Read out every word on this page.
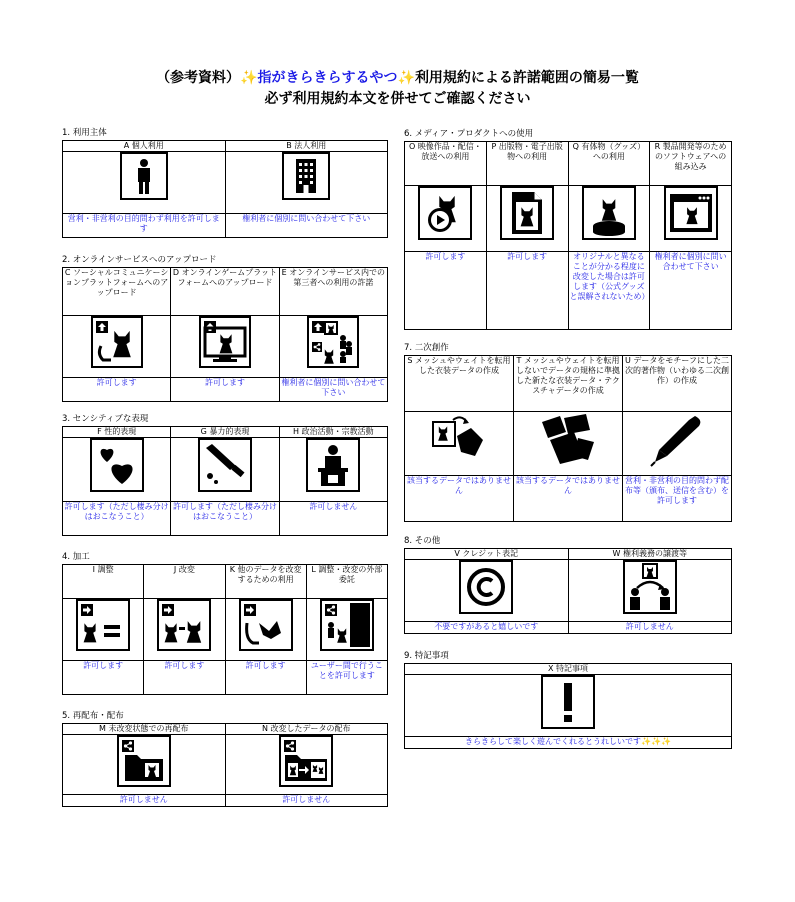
（参考資料）✨指がきらきらするやつ✨利用規約による許諾範囲の簡易一覧
必ず利用規約本文を併せてご確認ください
1. 利用主体
A 個人利用	B 法人利用

営利・非営利の目的問わず利用を許可します	権利者に個別に問い合わせて下さい
2. オンラインサービスへのアップロード
C ソーシャルコミュニケーションプラットフォームへのアップロード	D オンラインゲームプラットフォームへのアップロード	E オンラインサービス内での第三者への利用の許諾

許可します	許可します	権利者に個別に問い合わせて下さい
3. センシティブな表現
F 性的表現	G 暴力的表現	H 政治活動・宗教活動

許可します（ただし棲み分けはおこなうこと）	許可します（ただし棲み分けはおこなうこと）	許可しません
4. 加工
I 調整	J 改変	K 他のデータを改変するための利用	L 調整・改変の外部委託

許可します	許可します	許可します	ユーザー間で行うことを許可します
5. 再配布・配布
M 未改変状態での再配布	N 改変したデータの配布

許可しません	許可しません
6. メディア・プロダクトへの使用
O 映像作品・配信・放送への利用	P 出版物・電子出版物への利用	Q 有体物（グッズ）への利用	R 製品開発等のためのソフトウェアへの組み込み

許可します	許可します	オリジナルと異なることが分かる程度に改変した場合は許可します（公式グッズと誤解されないため）	権利者に個別に問い合わせて下さい
7. 二次創作
S メッシュやウェイトを転用した衣装データの作成	T メッシュやウェイトを転用しないでデータの規格に準拠した新たな衣装データ・テクスチャデータの作成	U データをモチーフにした二次的著作物（いわゆる二次創作）の作成

該当するデータではありません	該当するデータではありません	営利・非営利の目的問わず配布等（頒布、送信を含む）を許可します
8. その他
V クレジット表記	W 権利義務の譲渡等

不要ですがあると嬉しいです	許可しません
9. 特記事項
X 特記事項

きらきらして楽しく遊んでくれるとうれしいです✨✨✨
